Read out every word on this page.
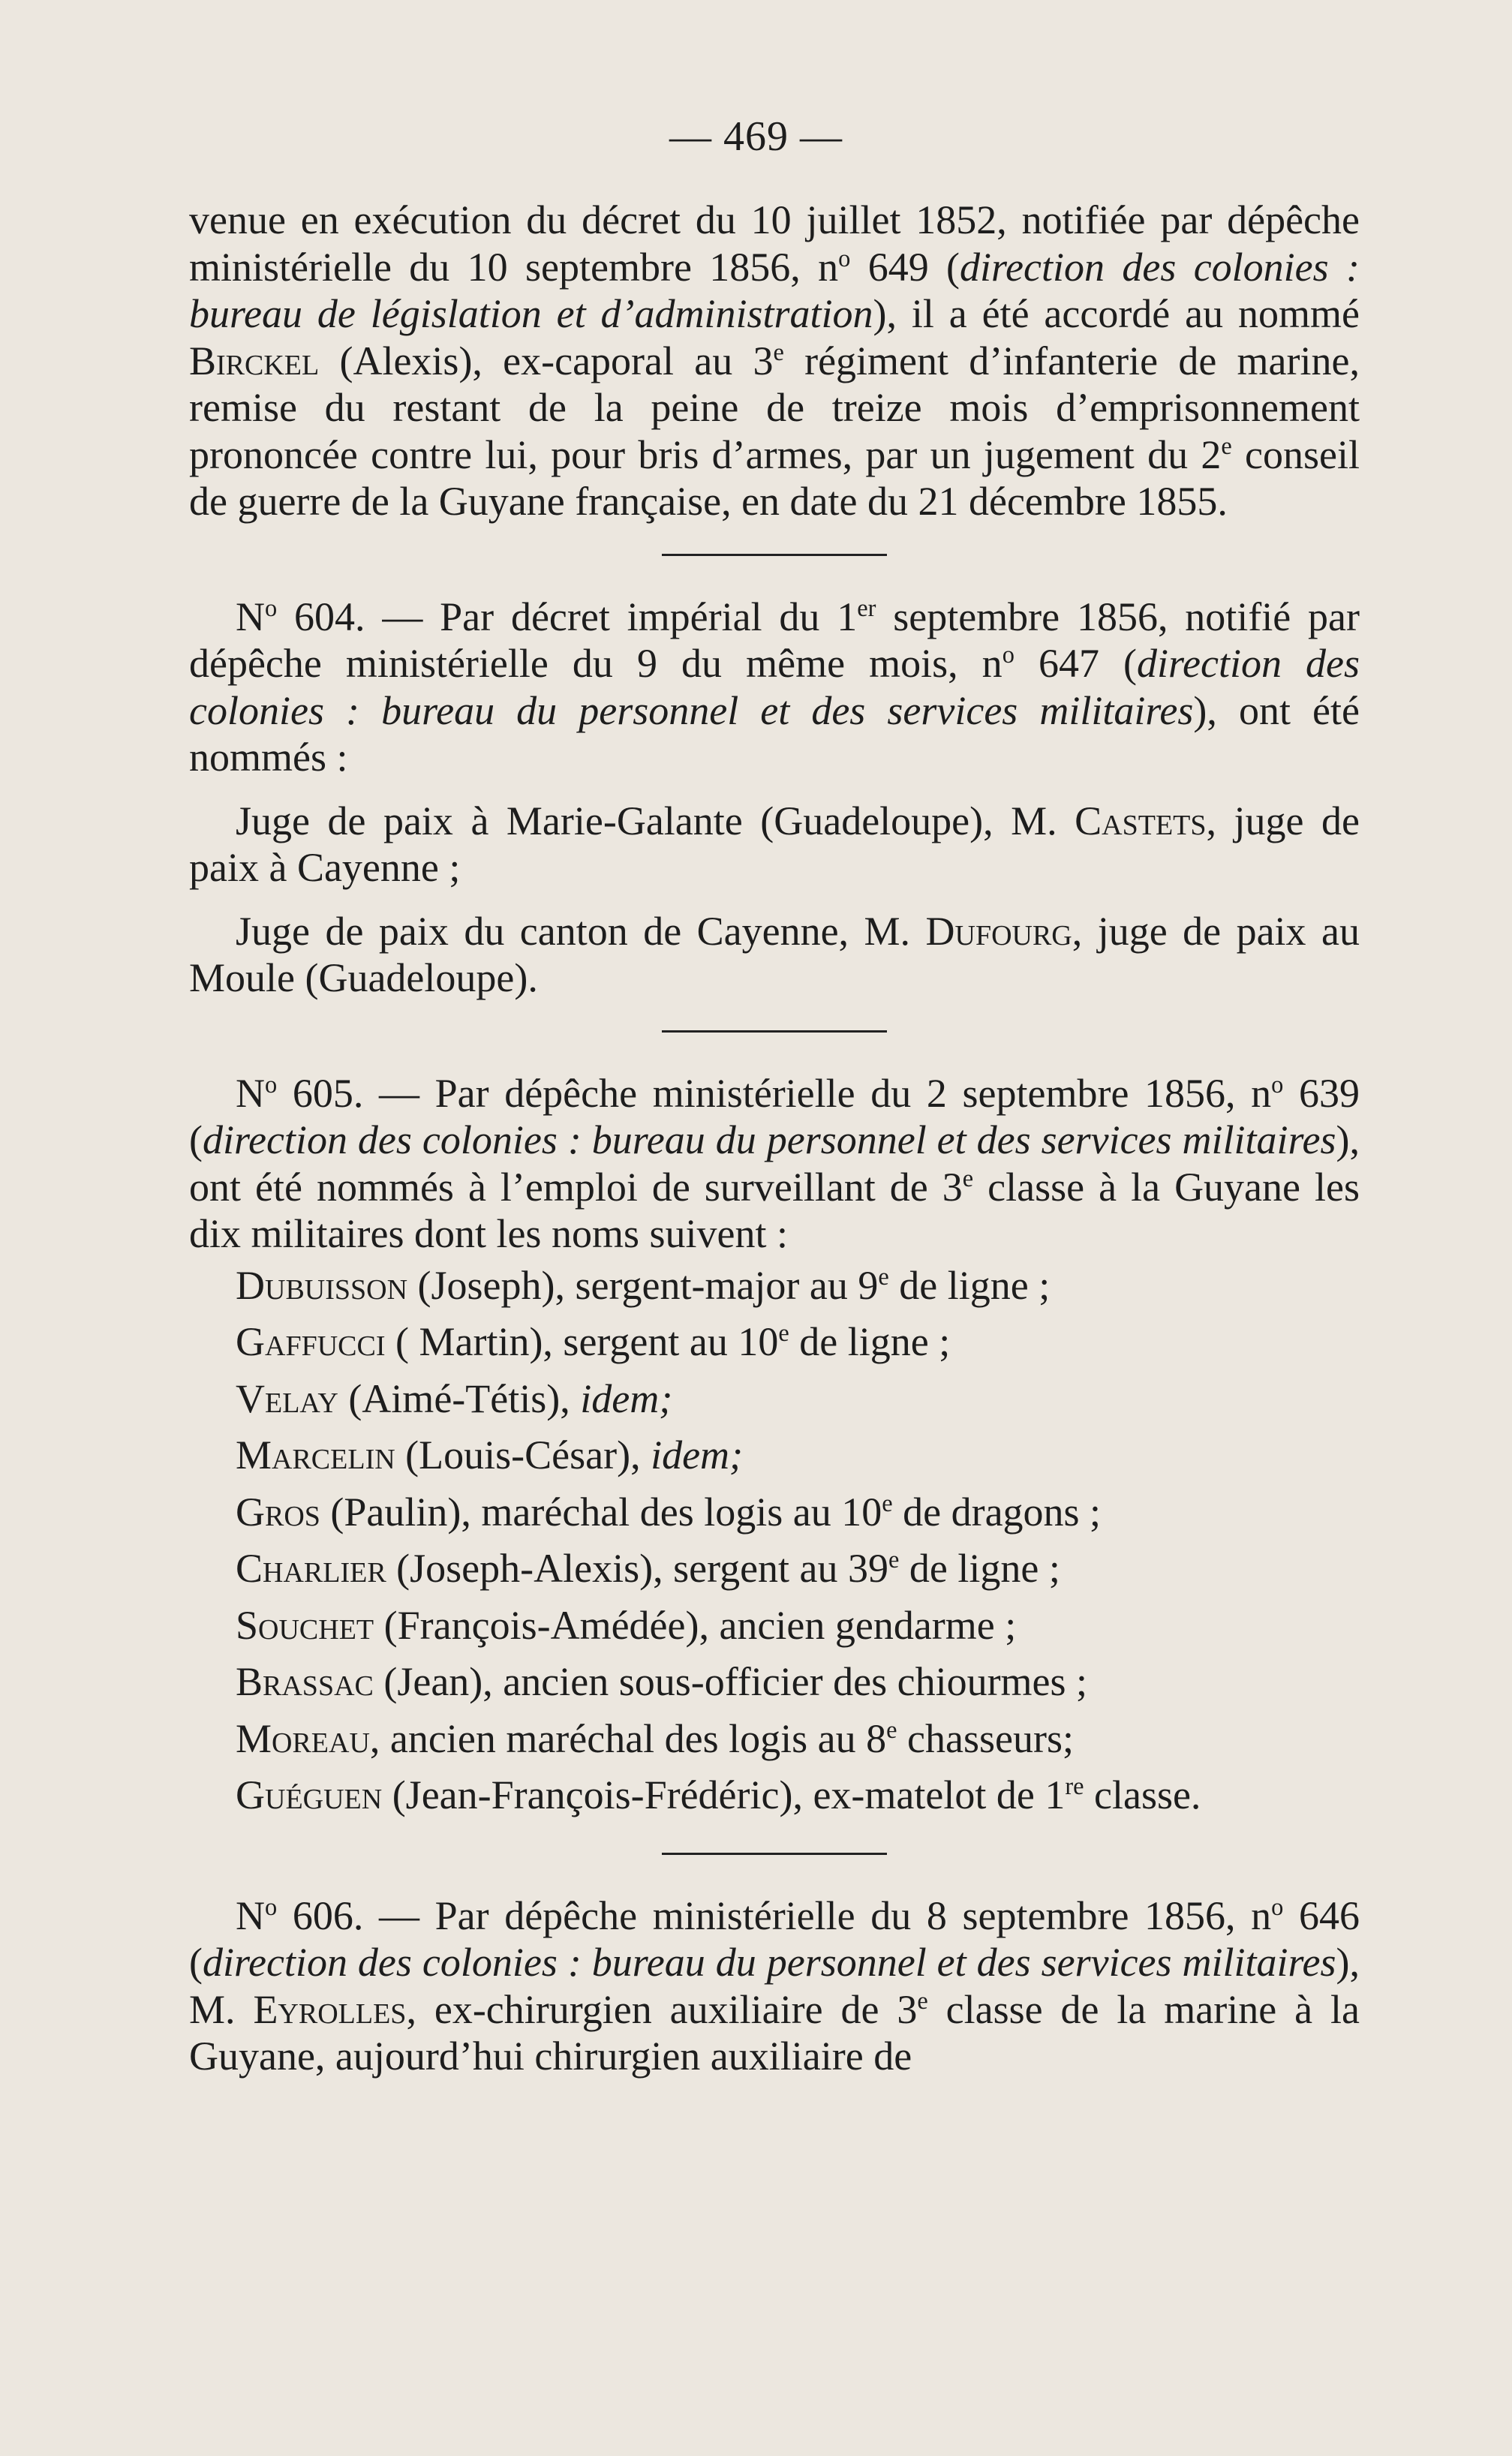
— 469 —

venue en exécution du décret du 10 juillet 1852, notifiée par dépêche ministérielle du 10 septembre 1856, $n^o$ 649 (direction des colonies : bureau de législation et d’administration), il a été accordé au nommé Birckel (Alexis), ex-caporal au 3e régiment d’infanterie de marine, remise du restant de la peine de treize mois d’emprisonnement prononcée contre lui, pour bris d’armes, par un jugement du 2e conseil de guerre de la Guyane française, en date du 21 décembre 1855.

$N^o$ 604. — Par décret impérial du 1er septembre 1856, notifié par dépêche ministérielle du 9 du même mois, $n^o$ 647 (direction des colonies : bureau du personnel et des services militaires), ont été nommés :

Juge de paix à Marie-Galante (Guadeloupe), M. Castets, juge de paix à Cayenne ;

Juge de paix du canton de Cayenne, M. Dufourg, juge de paix au Moule (Guadeloupe).

$N^o$ 605. — Par dépêche ministérielle du 2 septembre 1856, $n^o$ 639 (direction des colonies : bureau du personnel et des services militaires), ont été nommés à l’emploi de surveillant de 3e classe à la Guyane les dix militaires dont les noms suivent :

Dubuisson (Joseph), sergent-major au 9e de ligne ;

Gaffucci ( Martin), sergent au 10e de ligne ;

Velay (Aimé-Tétis), idem;

Marcelin (Louis-César), idem;

Gros (Paulin), maréchal des logis au 10e de dragons ;

Charlier (Joseph-Alexis), sergent au 39e de ligne ;

Souchet (François-Amédée), ancien gendarme ;

Brassac (Jean), ancien sous-officier des chiourmes ;

Moreau, ancien maréchal des logis au 8e chasseurs;

Guéguen (Jean-François-Frédéric), ex-matelot de 1re classe.

$N^o$ 606. — Par dépêche ministérielle du 8 septembre 1856, $n^o$ 646 (direction des colonies : bureau du personnel et des services militaires), M. Eyrolles, ex-chirurgien auxiliaire de 3e classe de la marine à la Guyane, aujourd’hui chirurgien auxiliaire de
